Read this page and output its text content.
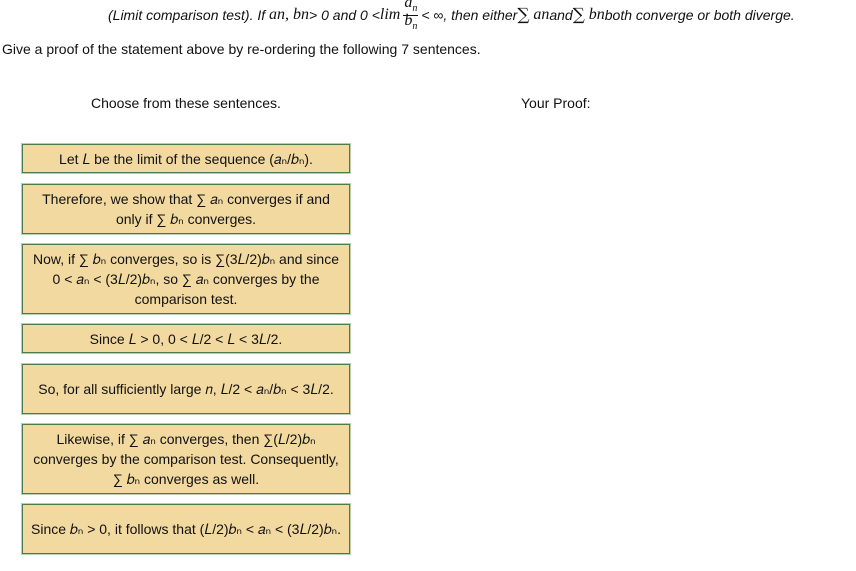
(Limit comparison test). If
a n , b n > 0 and $0 < \lim \frac{a_n}{b_n}$ < ∞, then either ∑
a n and ∑
b n both converge or both diverge.
Give a proof of the statement above by re-ordering the following 7 sentences.
Choose from these sentences.	Your Proof:
Let 𝐿 be the limit of the sequence (𝑎ₙ/𝑏ₙ).
Therefore, we show that ∑ 𝑎ₙ converges if and only if ∑ 𝑏ₙ converges.
Now, if ∑ 𝑏ₙ converges, so is ∑(3𝐿/2)𝑏ₙ and since 0 < 𝑎ₙ < (3𝐿/2)𝑏ₙ, so ∑ 𝑎ₙ converges by the comparison test.
Since 𝐿 > 0, 0 < 𝐿/2 < 𝐿 < 3𝐿/2.
So, for all sufficiently large 𝑛, 𝐿/2 < 𝑎ₙ/𝑏ₙ < 3𝐿/2.
Likewise, if ∑ 𝑎ₙ converges, then ∑(𝐿/2)𝑏ₙ converges by the comparison test. Consequently, ∑ 𝑏ₙ converges as well.
Since 𝑏ₙ > 0, it follows that (𝐿/2)𝑏ₙ < 𝑎ₙ < (3𝐿/2)𝑏ₙ.
